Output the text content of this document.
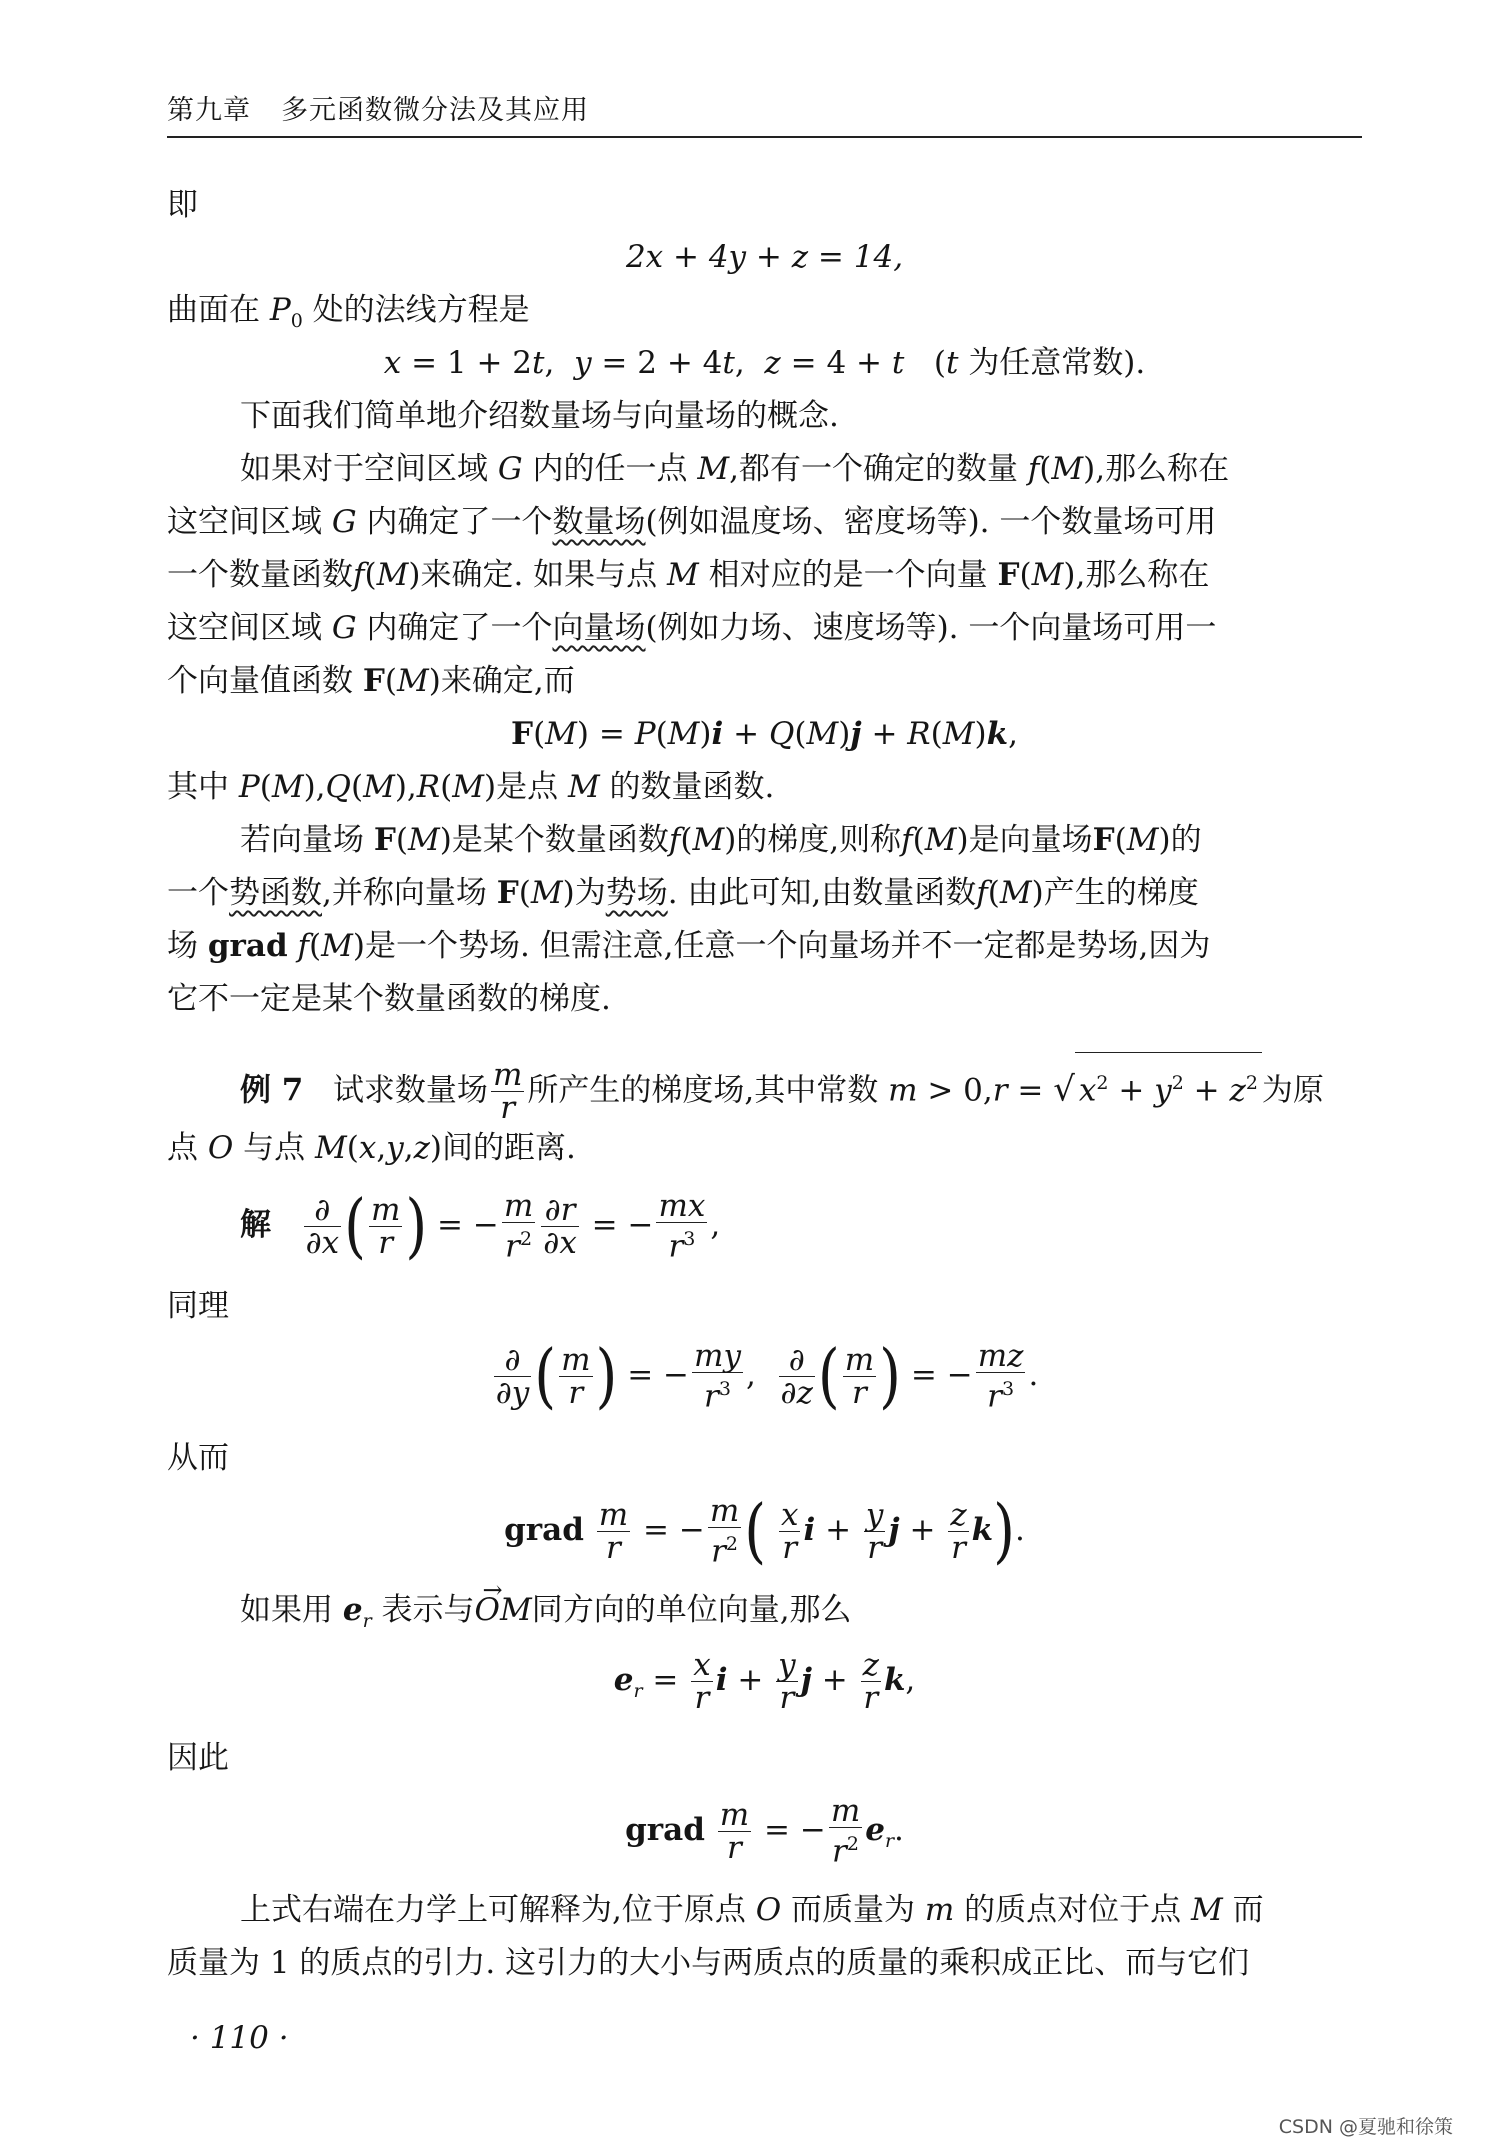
第九章 多元函数微分法及其应用
即
2x + 4y + z = 14,
曲面在 $P_0$ 处的法线方程是
x = 1 + 2t,  y = 2 + 4t,  z = 4 + t   (t 为任意常数).
下面我们简单地介绍数量场与向量场的概念.
如果对于空间区域 G 内的任一点 M,都有一个确定的数量 f(M),那么称在
这空间区域 G 内确定了一个数量场(例如温度场、密度场等). 一个数量场可用
一个数量函数f(M)来确定. 如果与点 M 相对应的是一个向量 F(M),那么称在
这空间区域 G 内确定了一个向量场(例如力场、速度场等). 一个向量场可用一
个向量值函数 F(M)来确定,而
F(M) = P(M)i + Q(M)j + R(M)k,
其中 P(M),Q(M),R(M)是点 M 的数量函数.
若向量场 F(M)是某个数量函数f(M)的梯度,则称f(M)是向量场F(M)的
一个势函数,并称向量场 F(M)为势场. 由此可知,由数量函数f(M)产生的梯度
场 grad f(M)是一个势场. 但需注意,任意一个向量场并不一定都是势场,因为
它不一定是某个数量函数的梯度.
例 7 试求数量场 $\frac{m}{r}$ 所产生的梯度场,其中常数 m > 0,r = √ $x^2 + y^2 + z^2$ 为原
点 O 与点 M(x,y,z)间的距离.
解 $\frac{\partial}{\partial x}$ ( $\frac{m}{r}$ ) = − $\frac{m}{r^2} \frac{\partial r}{\partial x}$ = − $\frac{mx}{r^3}$ ,
同理
$\frac{\partial}{\partial y}$ ( $\frac{m}{r}$ ) = − $\frac{my}{r^3}$ , $\frac{\partial}{\partial z}$ ( $\frac{m}{r}$ ) = − $\frac{mz}{r^3}$ .
从而
grad $\frac{m}{r}$ = − $\frac{m}{r^2}$ ( $\frac{x}{r}$ $i + \frac{y}{r}$ $j + \frac{z}{r} k$).
如果用 $e_r$ 表示与→ OM同方向的单位向量,那么
$e_r = \frac{x}{r}$ $i + \frac{y}{r}$ $j + \frac{z}{r} k$,
因此
grad $\frac{m}{r}$ = − $\frac{m}{r^2} e_r$.
上式右端在力学上可解释为,位于原点 O 而质量为 m 的质点对位于点 M 而
质量为 1 的质点的引力. 这引力的大小与两质点的质量的乘积成正比、而与它们
· 110 ·
CSDN @夏驰和徐策
